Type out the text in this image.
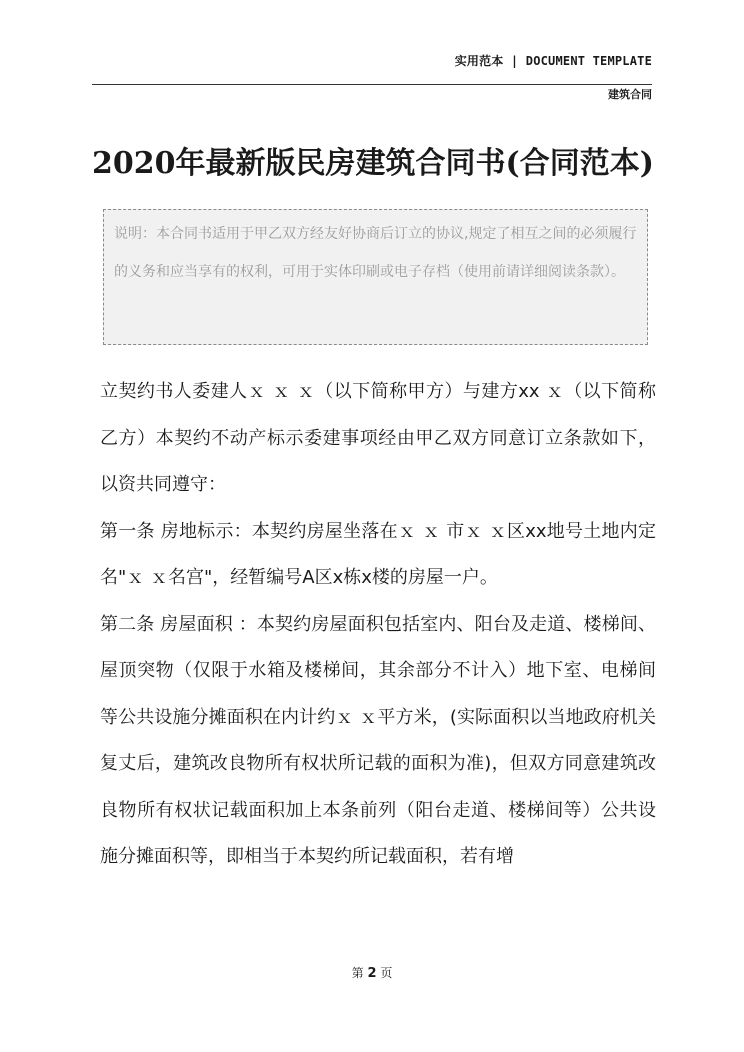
实用范本 | DOCUMENT TEMPLATE
建筑合同
2020年最新版民房建筑合同书(合同范本)
说明：本合同书适用于甲乙双方经友好协商后订立的协议,规定了相互之间的必须履行的义务和应当享有的权利，可用于实体印刷或电子存档（使用前请详细阅读条款）。

立契约书人委建人ｘ ｘ ｘ（以下简称甲方）与建方xx ｘ（以下简称乙方）本契约不动产标示委建事项经由甲乙双方同意订立条款如下，以资共同遵守：

第一条 房地标示：本契约房屋坐落在ｘ ｘ 市ｘ ｘ区xx地号土地内定名"ｘ ｘ名宫"，经暂编号A区x栋x楼的房屋一户。

第二条 房屋面积 ：本契约房屋面积包括室内、阳台及走道、楼梯间、屋顶突物（仅限于水箱及楼梯间，其余部分不计入）地下室、电梯间等公共设施分摊面积在内计约ｘ ｘ平方米，(实际面积以当地政府机关复丈后，建筑改良物所有权状所记载的面积为准)，但双方同意建筑改良物所有权状记载面积加上本条前列（阳台走道、楼梯间等）公共设施分摊面积等，即相当于本契约所记载面积，若有增

第 2 页
